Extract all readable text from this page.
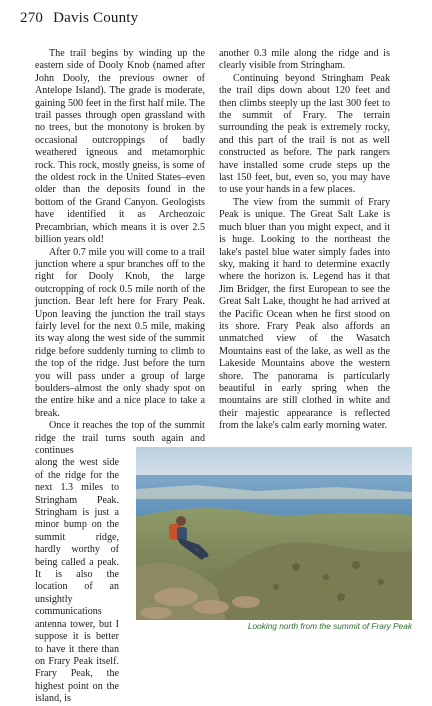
270 Davis County

The trail begins by winding up the eastern side of Dooly Knob (named after John Dooly, the previous owner of Antelope Island). The grade is moderate, gaining 500 feet in the first half mile. The trail passes through open grassland with no trees, but the monotony is broken by occasional outcroppings of badly weathered igneous and metamorphic rock. This rock, mostly gneiss, is some of the oldest rock in the United States–even older than the deposits found in the bottom of the Grand Canyon. Geologists have identified it as Archeozoic Precambrian, which means it is over 2.5 billion years old!

After 0.7 mile you will come to a trail junction where a spur branches off to the right for Dooly Knob, the large outcropping of rock 0.5 mile north of the junction. Bear left here for Frary Peak. Upon leaving the junction the trail stays fairly level for the next 0.5 mile, making its way along the west side of the summit ridge before suddenly turning to climb to the top of the ridge. Just before the turn you will pass under a group of large boulders–almost the only shady spot on the entire hike and a nice place to take a break.

Once it reaches the top of the summit ridge the trail turns south again and continues

along the west side of the ridge for the next 1.3 miles to Stringham Peak. Stringham is just a minor bump on the summit ridge, hardly worthy of being called a peak. It is also the location of an unsightly communications antenna tower, but I suppose it is better to have it there than on Frary Peak itself. Frary Peak, the highest point on the island, is

another 0.3 mile along the ridge and is clearly visible from Stringham.

Continuing beyond Stringham Peak the trail dips down about 120 feet and then climbs steeply up the last 300 feet to the summit of Frary. The terrain surrounding the peak is extremely rocky, and this part of the trail is not as well constructed as before. The park rangers have installed some crude steps up the last 150 feet, but, even so, you may have to use your hands in a few places.

The view from the summit of Frary Peak is unique. The Great Salt Lake is much bluer than you might expect, and it is huge. Looking to the northeast the lake's pastel blue water simply fades into sky, making it hard to determine exactly where the horizon is. Legend has it that Jim Bridger, the first European to see the Great Salt Lake, thought he had arrived at the Pacific Ocean when he first stood on its shore. Frary Peak also affords an unmatched view of the Wasatch Mountains east of the lake, as well as the Lakeside Mountains above the western shore. The panorama is particularly beautiful in early spring when the mountains are still clothed in white and their majestic appearance is reflected from the lake's calm early morning water.

Looking north from the summit of Frary Peak
